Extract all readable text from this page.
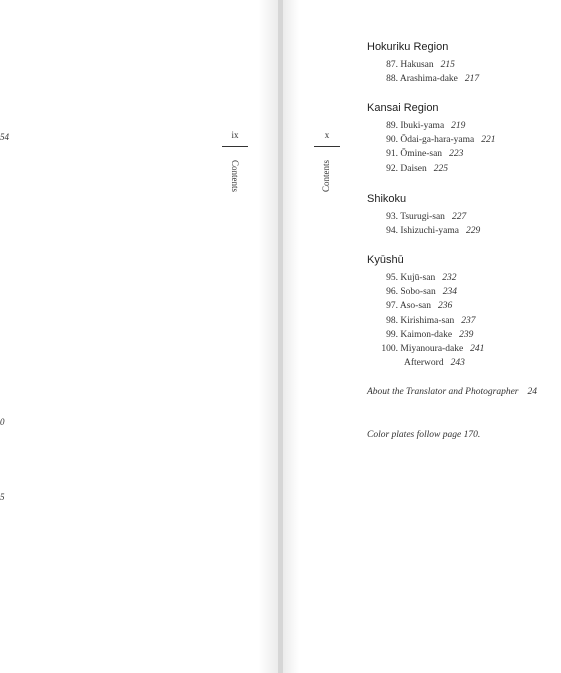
54
0
5
ix
Contents
x
Contents
Hokuriku Region
87. Hakusan 215
88. Arashima-dake 217
Kansai Region
89. Ibuki-yama 219
90. Ōdai-ga-hara-yama 221
91. Ōmine-san 223
92. Daisen 225
Shikoku
93. Tsurugi-san 227
94. Ishizuchi-yama 229
Kyūshū
95. Kujū-san 232
96. Sobo-san 234
97. Aso-san 236
98. Kirishima-san 237
99. Kaimon-dake 239
100. Miyanoura-dake 241
Afterword 243
About the Translator and Photographer 24
Color plates follow page 170.
